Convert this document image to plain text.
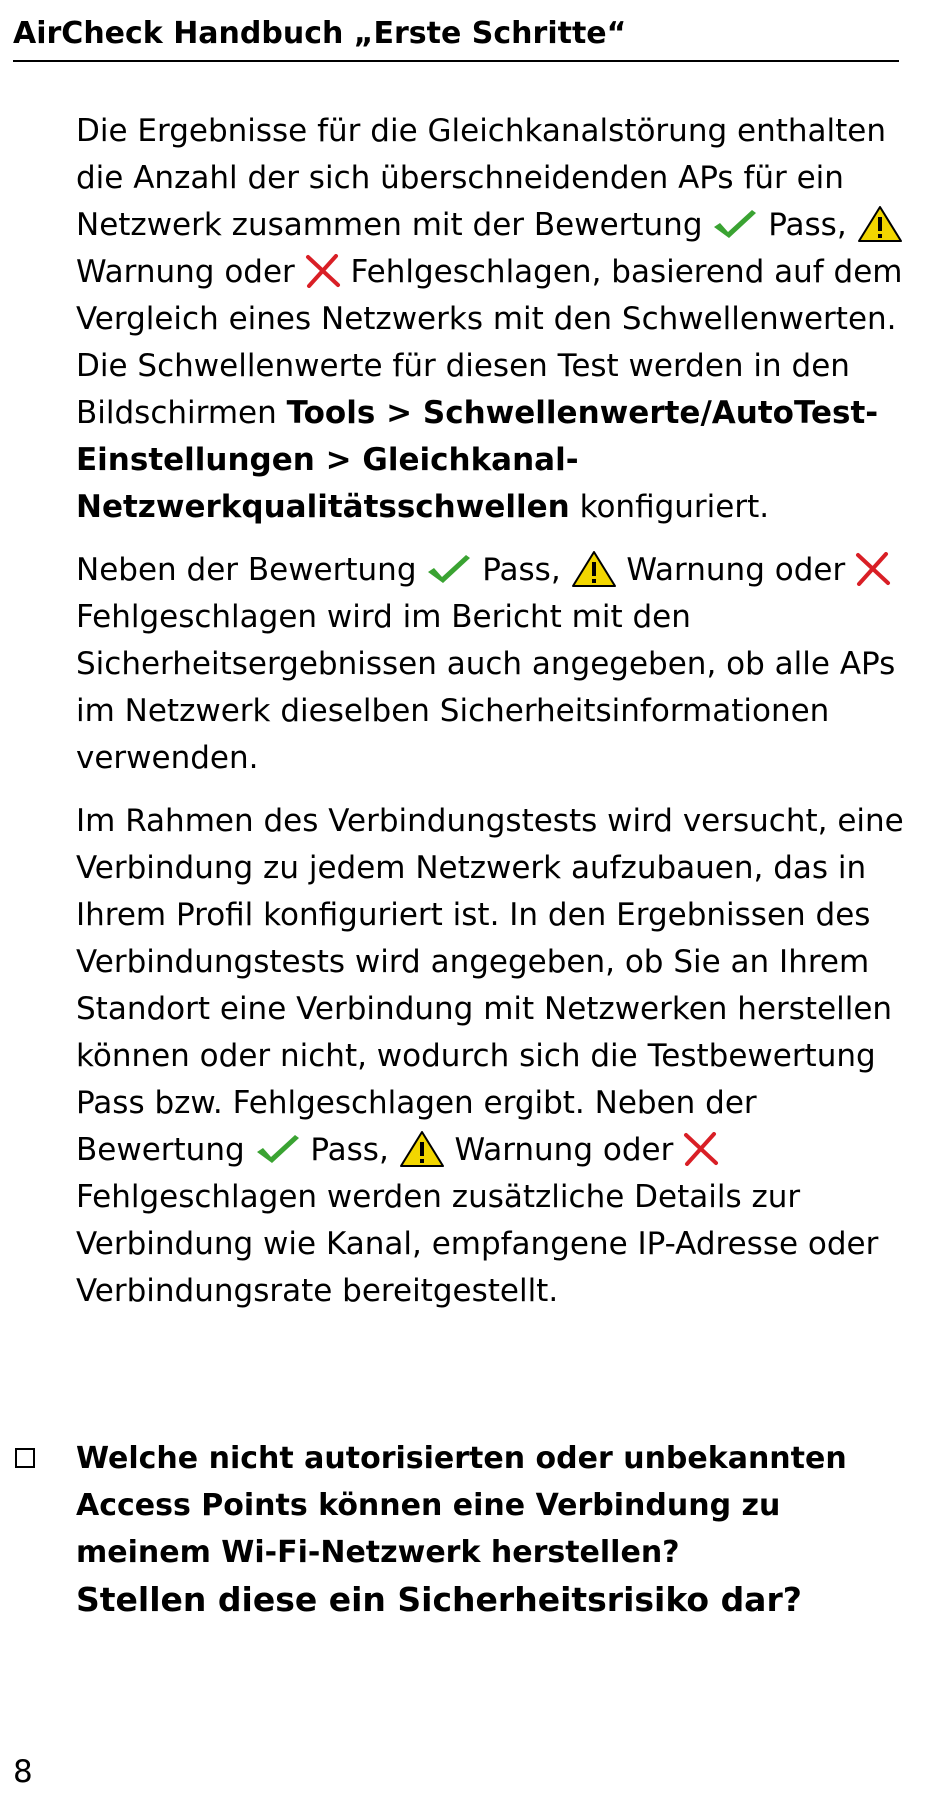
AirCheck Handbuch „Erste Schritte“

Die Ergebnisse für die Gleichkanalstörung enthalten die Anzahl der sich überschneidenden APs für ein Netzwerk zusammen mit der Bewertung
Pass,
Warnung oder
Fehlgeschlagen, basierend auf dem Vergleich eines Netzwerks mit den Schwellenwerten. Die Schwellenwerte für diesen Test werden in den Bildschirmen Tools > Schwellenwerte/AutoTest-Einstellungen > Gleichkanal-Netzwerkqualitätsschwellen konfiguriert.

Neben der Bewertung
Pass,
Warnung oder
Fehlgeschlagen wird im Bericht mit den Sicherheitsergebnissen auch angegeben, ob alle APs im Netzwerk dieselben Sicherheitsinformationen verwenden.

Im Rahmen des Verbindungstests wird versucht, eine Verbindung zu jedem Netzwerk aufzubauen, das in Ihrem Profil konfiguriert ist. In den Ergebnissen des Verbindungstests wird angegeben, ob Sie an Ihrem Standort eine Verbindung mit Netzwerken herstellen können oder nicht, wodurch sich die Testbewertung Pass bzw. Fehlgeschlagen ergibt. Neben der Bewertung
Pass,
Warnung oder
Fehlgeschlagen werden zusätzliche Details zur Verbindung wie Kanal, empfangene IP-Adresse oder Verbindungsrate bereitgestellt.

Welche nicht autorisierten oder unbekannten Access Points können eine Verbindung zu meinem Wi-Fi-Netzwerk herstellen?
Stellen diese ein Sicherheitsrisiko dar?
8
